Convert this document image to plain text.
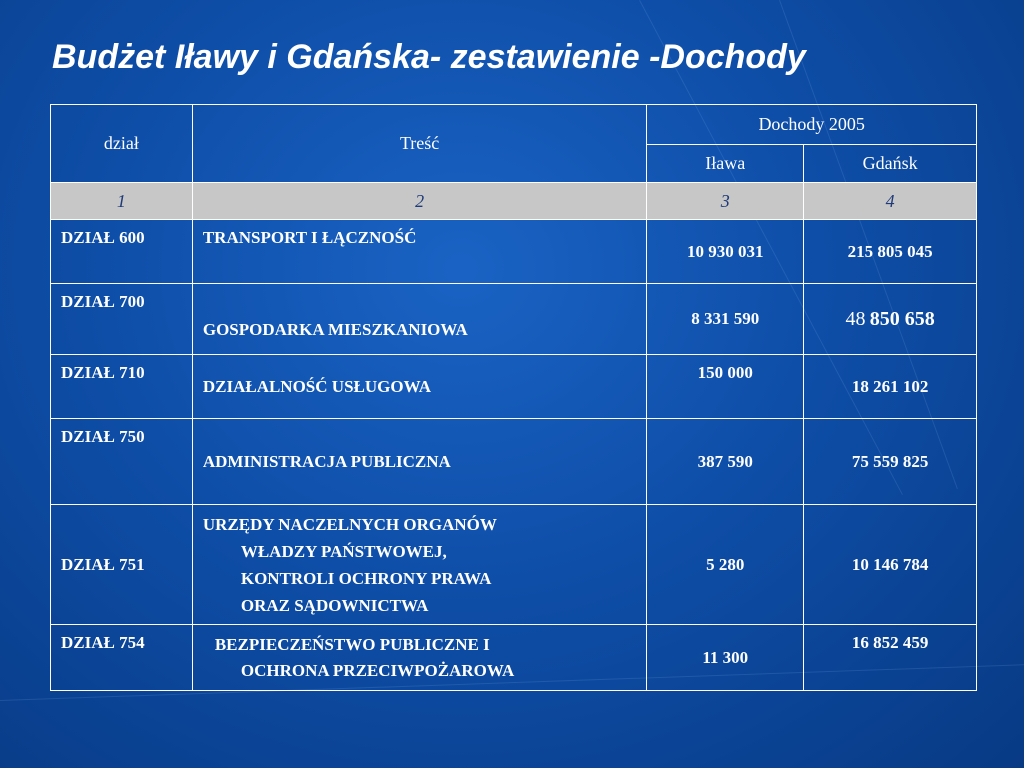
Budżet Iławy i Gdańska- zestawienie -Dochody
dział	Treść	Dochody 2005	
		Iława	Gdańsk
1	2	3	4
DZIAŁ 600	TRANSPORT I ŁĄCZNOŚĆ	10 930 031	215 805 045
DZIAŁ 700	GOSPODARKA MIESZKANIOWA	8 331 590	48 850 658
DZIAŁ 710	DZIAŁALNOŚĆ USŁUGOWA	150 000	18 261 102
DZIAŁ 750	ADMINISTRACJA PUBLICZNA	387 590	75 559 825
DZIAŁ 751	URZĘDY NACZELNYCH ORGANÓW
WŁADZY PAŃSTWOWEJ,
KONTROLI OCHRONY PRAWA
ORAZ SĄDOWNICTWA	5 280	10 146 784
DZIAŁ 754	BEZPIECZEŃSTWO PUBLICZNE I
OCHRONA PRZECIWPOŻAROWA	11 300	16 852 459
